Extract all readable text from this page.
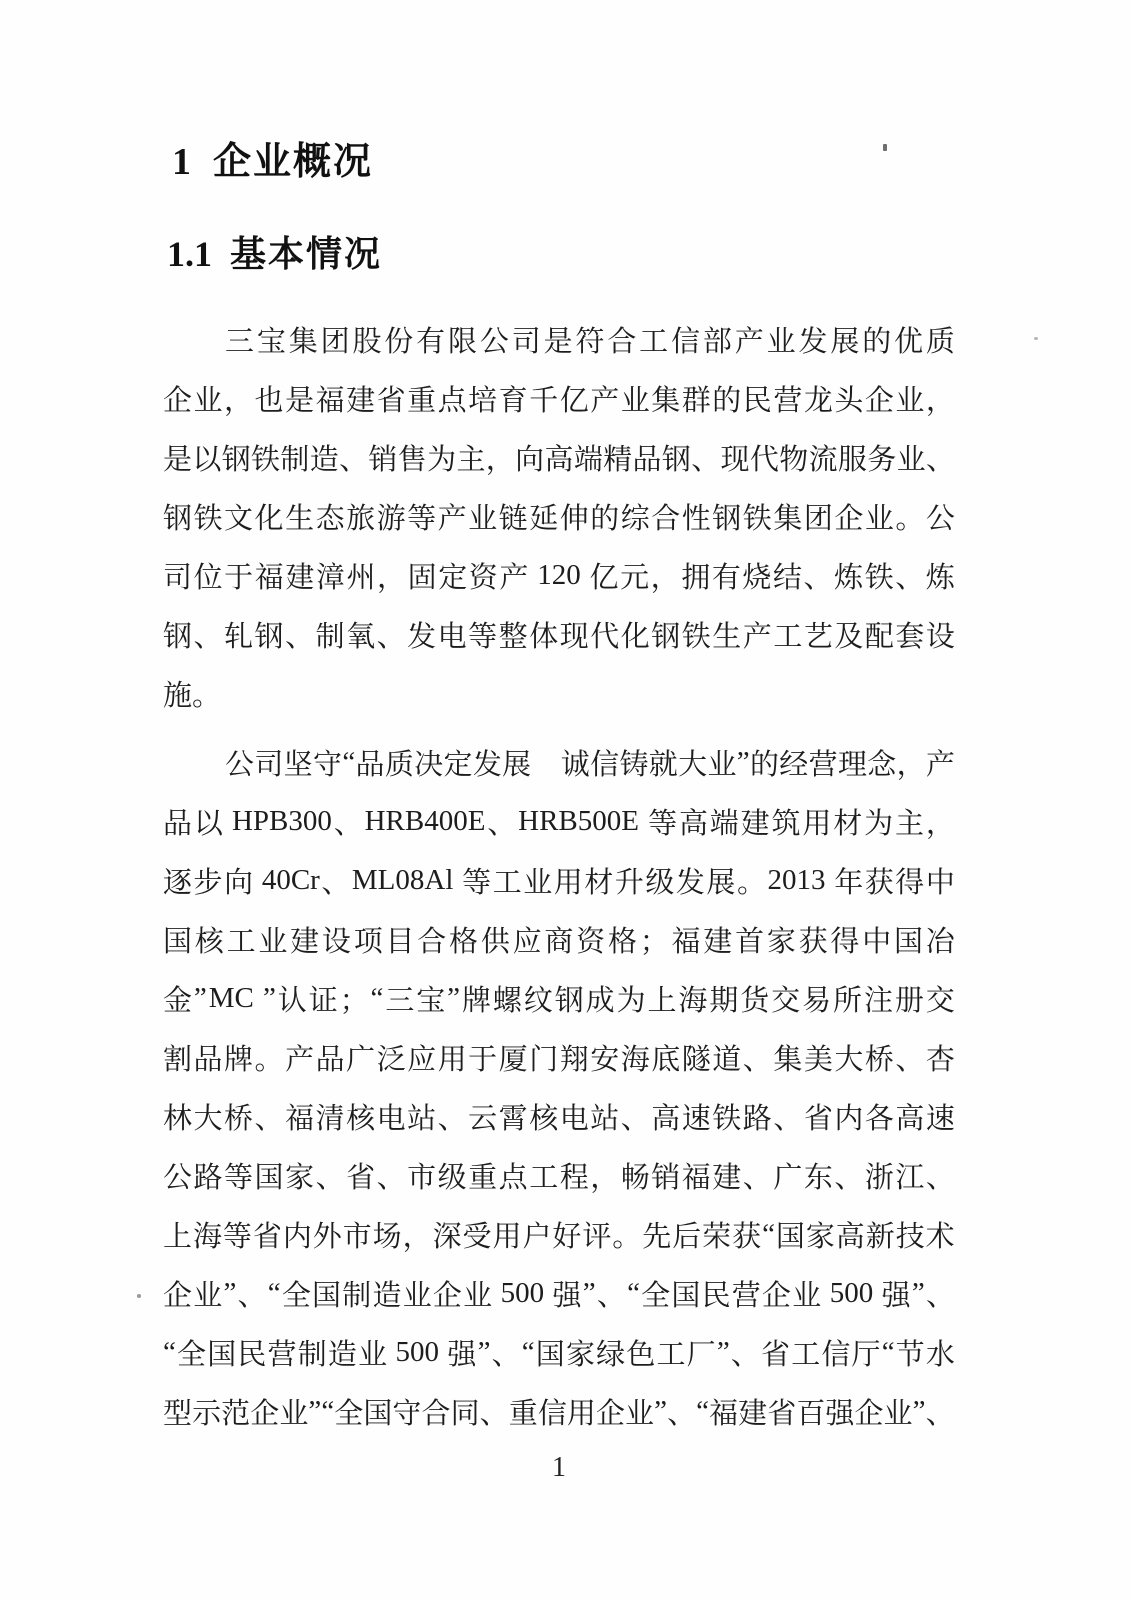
1 企业概况
1.1 基本情况
三 宝 集 团 股 份 有 限 公 司 是 符 合 工 信 部 产 业 发 展 的 优 质
企 业 ， 也 是 福 建 省 重 点 培 育 千 亿 产 业 集 群 的 民 营 龙 头 企 业 ，
是 以 钢 铁 制 造 、 销 售 为 主 ， 向 高 端 精 品 钢 、 现 代 物 流 服 务 业 、
钢 铁 文 化 生 态 旅 游 等 产 业 链 延 伸 的 综 合 性 钢 铁 集 团 企 业 。 公
司 位 于 福 建 漳 州 ， 固 定 资 产 120 亿 元 ， 拥 有 烧 结 、 炼 铁 、 炼
钢 、 轧 钢 、 制 氧 、 发 电 等 整 体 现 代 化 钢 铁 生 产 工 艺 及 配 套 设
施 。
公 司 坚 守 “ 品 质 决 定 发 展
　 诚 信 铸 就 大 业 ” 的 经 营 理 念 ， 产
品 以 HPB300 、 HRB400E 、 HRB500E 等 高 端 建 筑 用 材 为 主 ，
逐 步 向 40Cr 、 ML08Al 等 工 业 用 材 升 级 发 展 。 2013 年 获 得 中
国 核 工 业 建 设 项 目 合 格 供 应 商 资 格 ； 福 建 首 家 获 得 中 国 冶
金 ” MC ” 认 证 ； “ 三 宝 ” 牌 螺 纹 钢 成 为 上 海 期 货 交 易 所 注 册 交
割 品 牌 。 产 品 广 泛 应 用 于 厦 门 翔 安 海 底 隧 道 、 集 美 大 桥 、 杏
林 大 桥 、 福 清 核 电 站 、 云 霄 核 电 站 、 高 速 铁 路 、 省 内 各 高 速
公 路 等 国 家 、 省 、 市 级 重 点 工 程 ， 畅 销 福 建 、 广 东 、 浙 江 、
上 海 等 省 内 外 市 场 ， 深 受 用 户 好 评 。 先 后 荣 获 “ 国 家 高 新 技 术
企 业 ” 、 “ 全 国 制 造 业 企 业 500 强 ” 、 “ 全 国 民 营 企 业 500 强 ” 、
“ 全 国 民 营 制 造 业 500 强 ” 、 “ 国 家 绿 色 工 厂 ” 、 省 工 信 厅 “ 节 水
型 示 范 企 业 ” “ 全 国 守 合 同 、 重 信 用 企 业 ” 、 “ 福 建 省 百 强 企 业 ” 、
1
